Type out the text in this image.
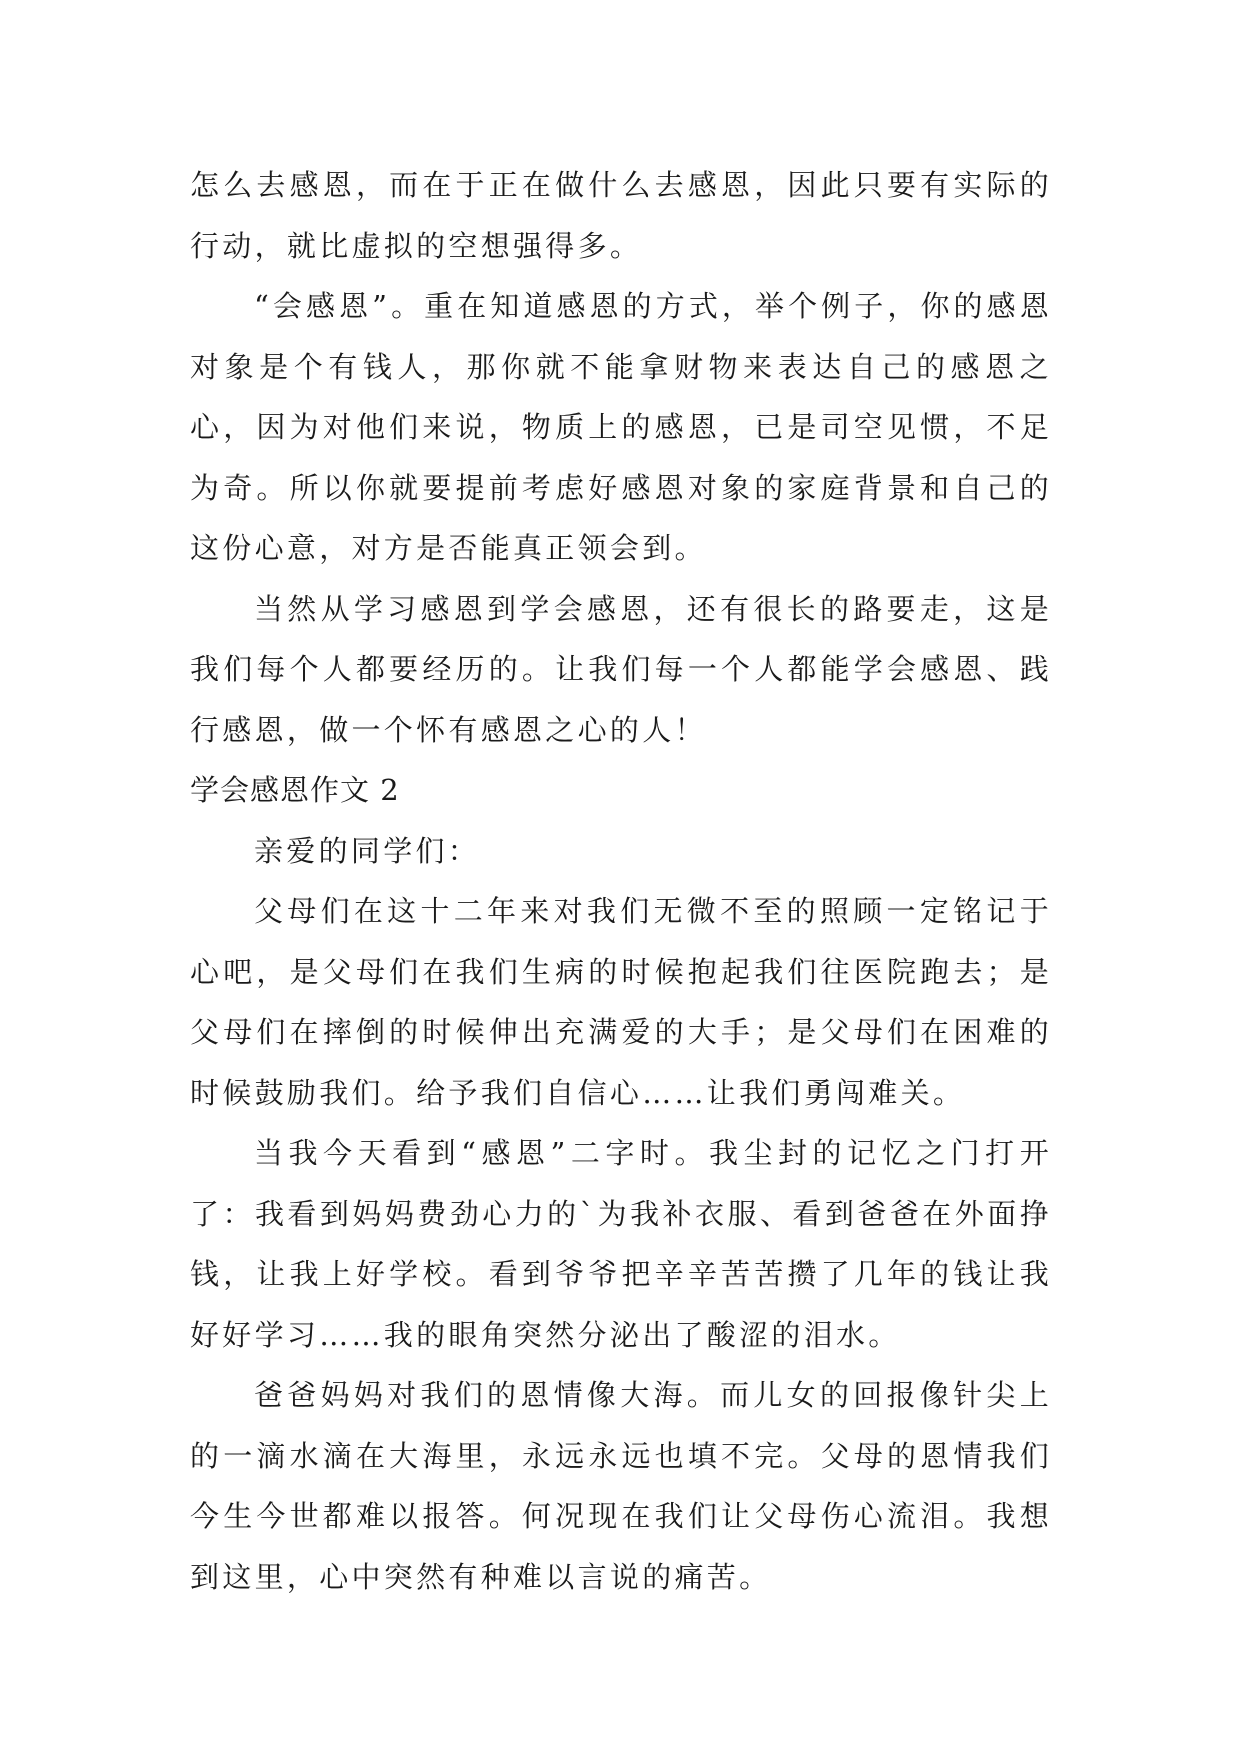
怎么去感恩，而在于正在做什么去感恩，因此只要有实际的行动，就比虚拟的空想强得多。

“会感恩”。重在知道感恩的方式，举个例子，你的感恩对象是个有钱人，那你就不能拿财物来表达自己的感恩之心，因为对他们来说，物质上的感恩，已是司空见惯，不足为奇。所以你就要提前考虑好感恩对象的家庭背景和自己的这份心意，对方是否能真正领会到。

当然从学习感恩到学会感恩，还有很长的路要走，这是我们每个人都要经历的。让我们每一个人都能学会感恩、践行感恩，做一个怀有感恩之心的人！

学会感恩作文 2

亲爱的同学们：

父母们在这十二年来对我们无微不至的照顾一定铭记于心吧，是父母们在我们生病的时候抱起我们往医院跑去；是父母们在摔倒的时候伸出充满爱的大手；是父母们在困难的时候鼓励我们。给予我们自信心……让我们勇闯难关。

当我今天看到“感恩”二字时。我尘封的记忆之门打开了：我看到妈妈费劲心力的`为我补衣服、看到爸爸在外面挣钱，让我上好学校。看到爷爷把辛辛苦苦攒了几年的钱让我好好学习……我的眼角突然分泌出了酸涩的泪水。

爸爸妈妈对我们的恩情像大海。而儿女的回报像针尖上的一滴水滴在大海里，永远永远也填不完。父母的恩情我们今生今世都难以报答。何况现在我们让父母伤心流泪。我想到这里，心中突然有种难以言说的痛苦。
